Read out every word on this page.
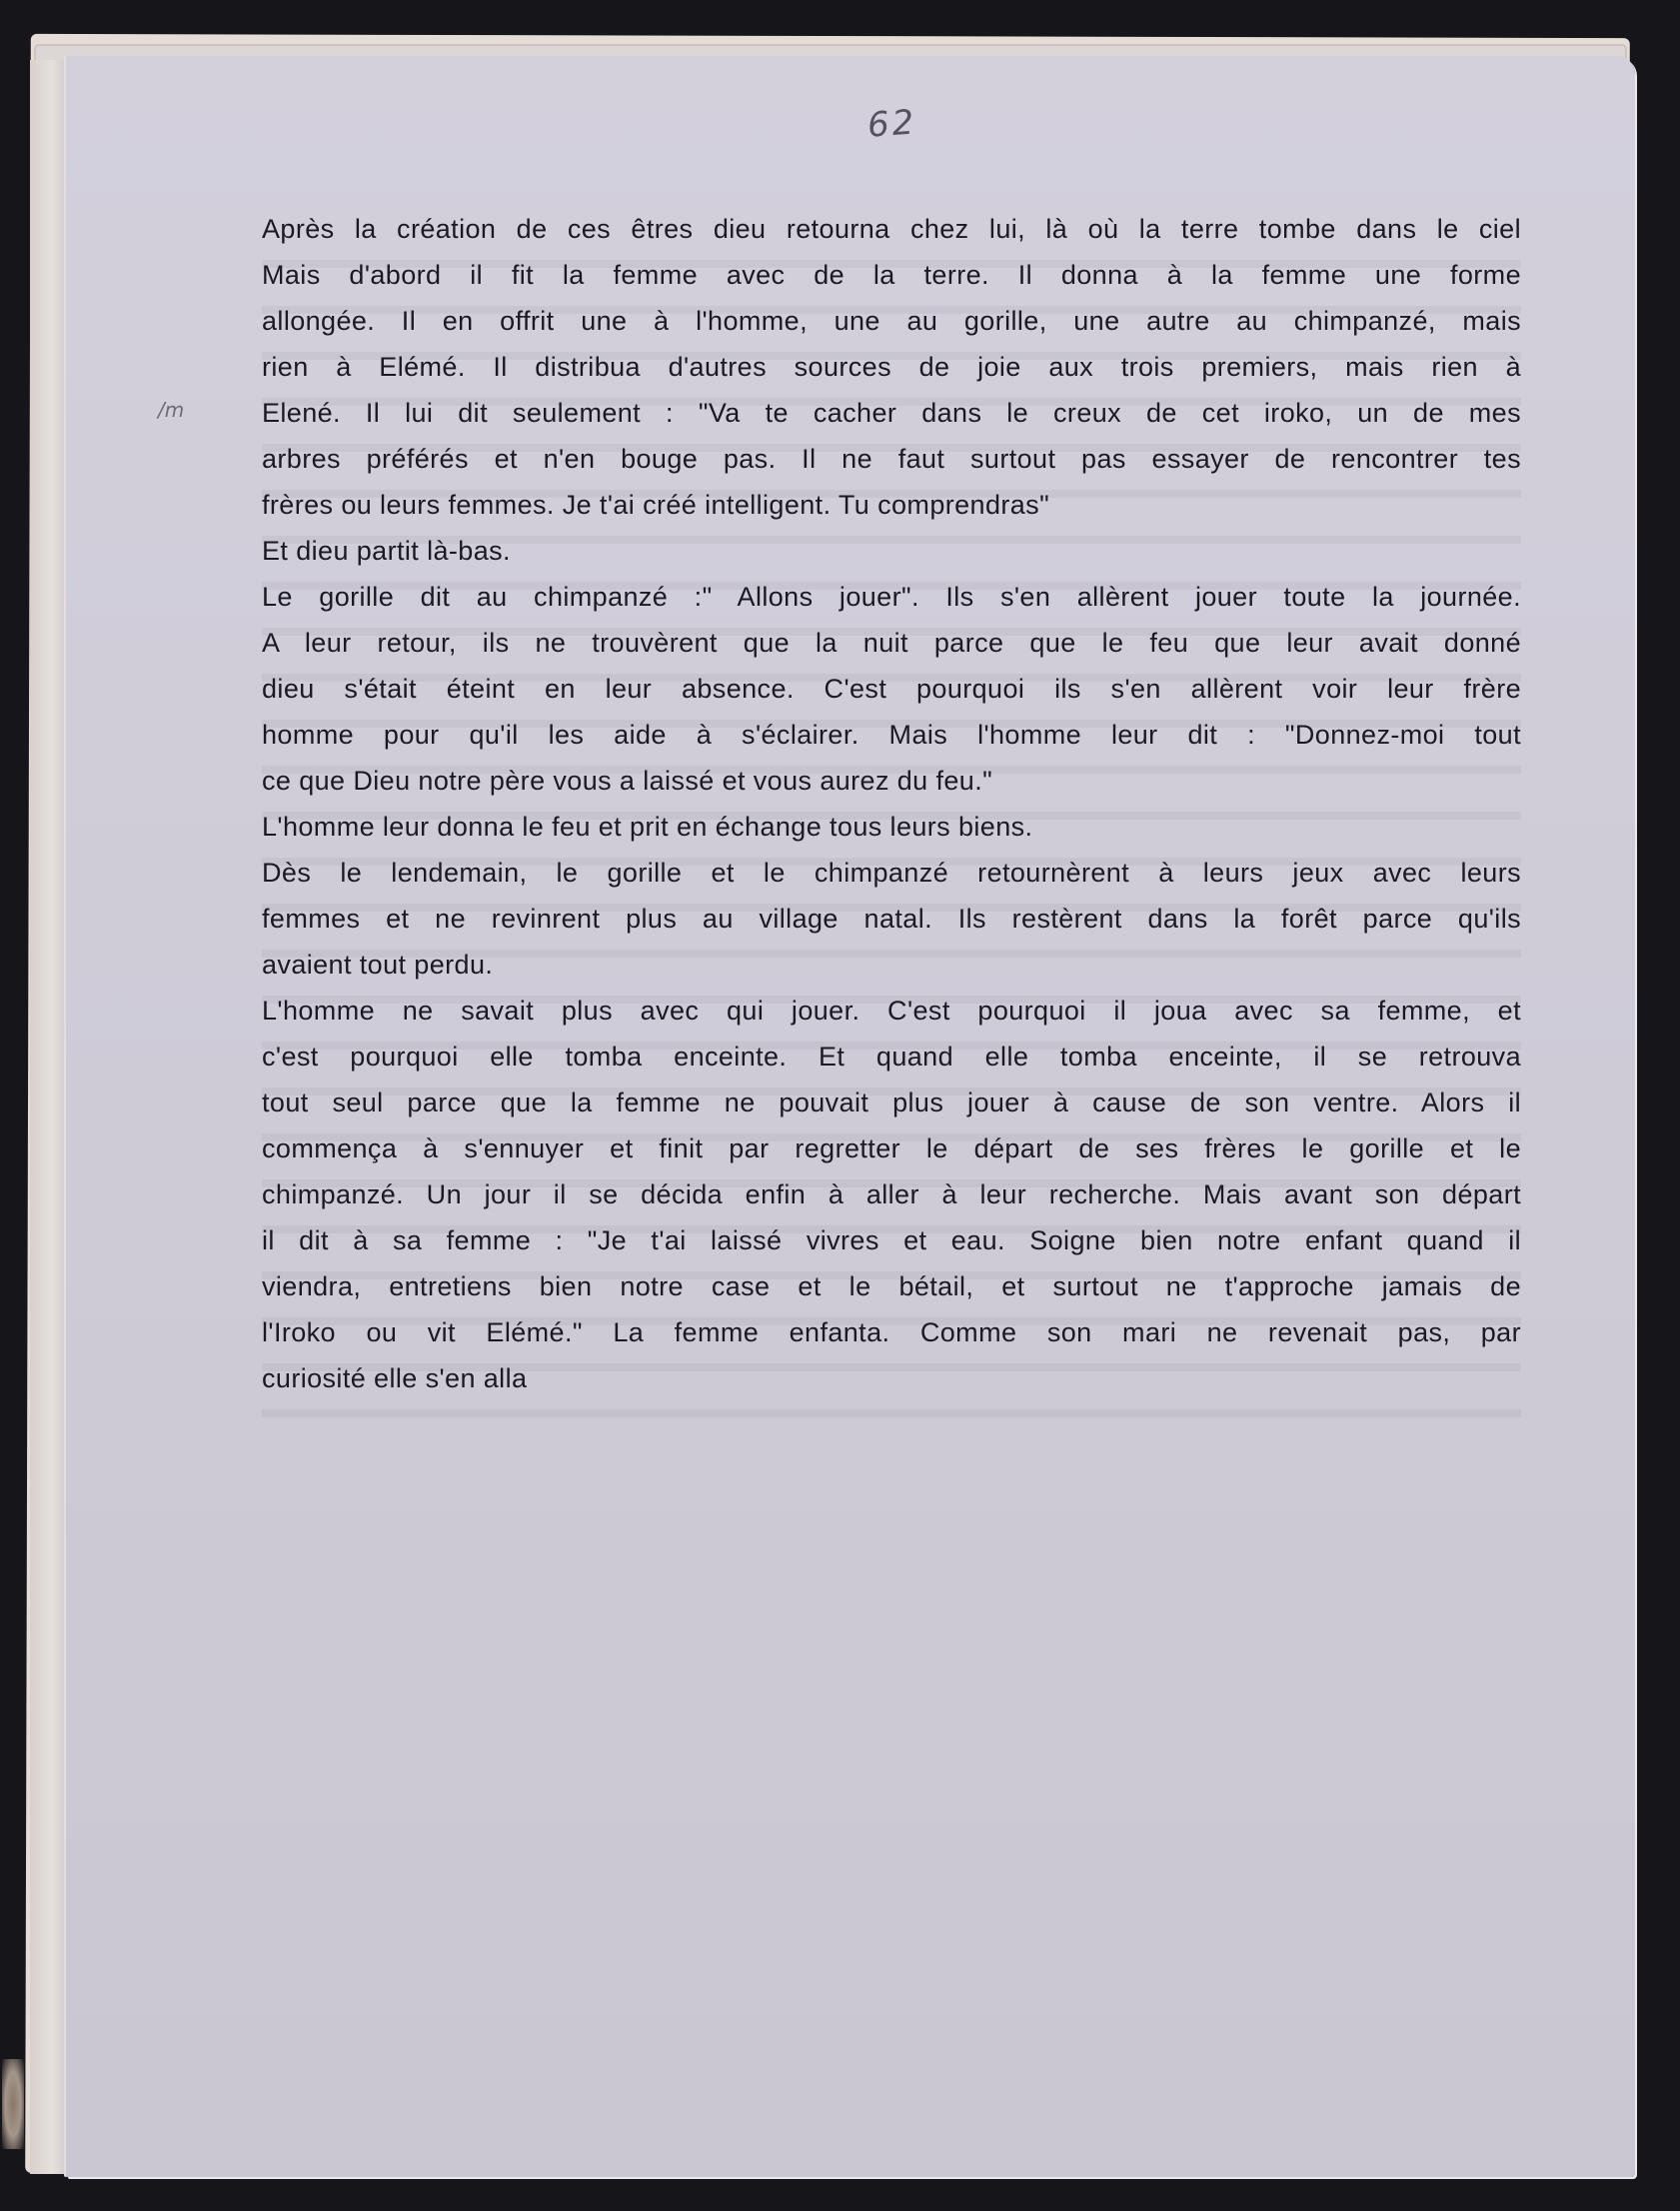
62
/m
Après la création de ces êtres dieu retourna chez lui, là où la terre tombe dans le ciel
Mais d'abord il fit la femme avec de la terre. Il donna à la femme une forme
allongée. Il en offrit une à l'homme, une au gorille, une autre au chimpanzé, mais
rien à Elémé. Il distribua d'autres sources de joie aux trois premiers, mais rien à
Elené. Il lui dit seulement : "Va te cacher dans le creux de cet iroko, un de mes
arbres préférés et n'en bouge pas. Il ne faut surtout pas essayer de rencontrer tes
frères ou leurs femmes. Je t'ai créé intelligent. Tu comprendras"
Et dieu partit là-bas.
Le gorille dit au chimpanzé :" Allons jouer". Ils s'en allèrent jouer toute la journée.
A leur retour, ils ne trouvèrent que la nuit parce que le feu que leur avait donné
dieu s'était éteint en leur absence. C'est pourquoi ils s'en allèrent voir leur frère
homme pour qu'il les aide à s'éclairer. Mais l'homme leur dit : "Donnez-moi tout
ce que Dieu notre père vous a laissé et vous aurez du feu."
L'homme leur donna le feu et prit en échange tous leurs biens.
Dès le lendemain, le gorille et le chimpanzé retournèrent à leurs jeux avec leurs
femmes et ne revinrent plus au village natal. Ils restèrent dans la forêt parce qu'ils
avaient tout perdu.
L'homme ne savait plus avec qui jouer. C'est pourquoi il joua avec sa femme, et
c'est pourquoi elle tomba enceinte. Et quand elle tomba enceinte, il se retrouva
tout seul parce que la femme ne pouvait plus jouer à cause de son ventre. Alors il
commença à s'ennuyer et finit par regretter le départ de ses frères le gorille et le
chimpanzé. Un jour il se décida enfin à aller à leur recherche. Mais avant son départ
il dit à sa femme : "Je t'ai laissé vivres et eau. Soigne bien notre enfant quand il
viendra, entretiens bien notre case et le bétail, et surtout ne t'approche jamais de
l'Iroko ou vit Elémé." La femme enfanta. Comme son mari ne revenait pas, par
curiosité elle s'en alla
